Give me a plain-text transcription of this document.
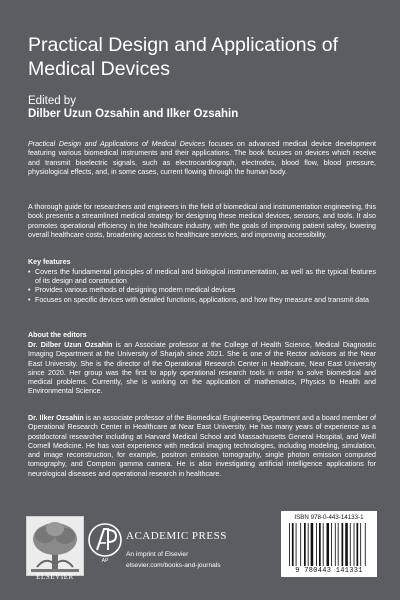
Practical Design and Applications of Medical Devices
Edited by
Dilber Uzun Ozsahin and Ilker Ozsahin

Practical Design and Applications of Medical Devices focuses on advanced medical device development featuring various biomedical instruments and their applications. The book focuses on devices which receive and transmit bioelectric signals, such as electrocardiograph, electrodes, blood flow, blood pressure, physiological effects, and, in some cases, current flowing through the human body.

A thorough guide for researchers and engineers in the field of biomedical and instrumentation engineering, this book presents a streamlined medical strategy for designing these medical devices, sensors, and tools. It also promotes operational efficiency in the healthcare industry, with the goals of improving patient safety, lowering overall healthcare costs, broadening access to healthcare services, and improving accessibility.

Key features
• Covers the fundamental principles of medical and biological instrumentation, as well as the typical features of its design and construction
• Provides various methods of designing modern medical devices
• Focuses on specific devices with detailed functions, applications, and how they measure and transmit data
About the editors

Dr. Dilber Uzun Ozsahin is an Associate professor at the College of Health Science, Medical Diagnostic Imaging Department at the University of Sharjah since 2021. She is one of the Rector advisors at the Near East University. She is the director of the Operational Research Center in Healthcare, Near East University since 2020. Her group was the first to apply operational research tools in order to solve biomedical and medical problems. Currently, she is working on the application of mathematics, Physics to Health and Environmental Science.

Dr. Ilker Ozsahin is an associate professor of the Biomedical Engineering Department and a board member of Operational Research Center in Healthcare at Near East University. He has many years of experience as a postdoctoral researcher including at Harvard Medical School and Massachusetts General Hospital, and Weill Cornell Medicine. He has vast experience with medical imaging technologies, including modeling, simulation, and image reconstruction, for example, positron emission tomography, single photon emission computed tomography, and Compton gamma camera. He is also investigating artificial intelligence applications for neurological diseases and operational research in healthcare.

ELSEVIER
AP
ACADEMIC PRESS
An imprint of Elsevier
elsevier.com/books-and-journals
ISBN 978-0-443-14133-1
9 780443 141331
